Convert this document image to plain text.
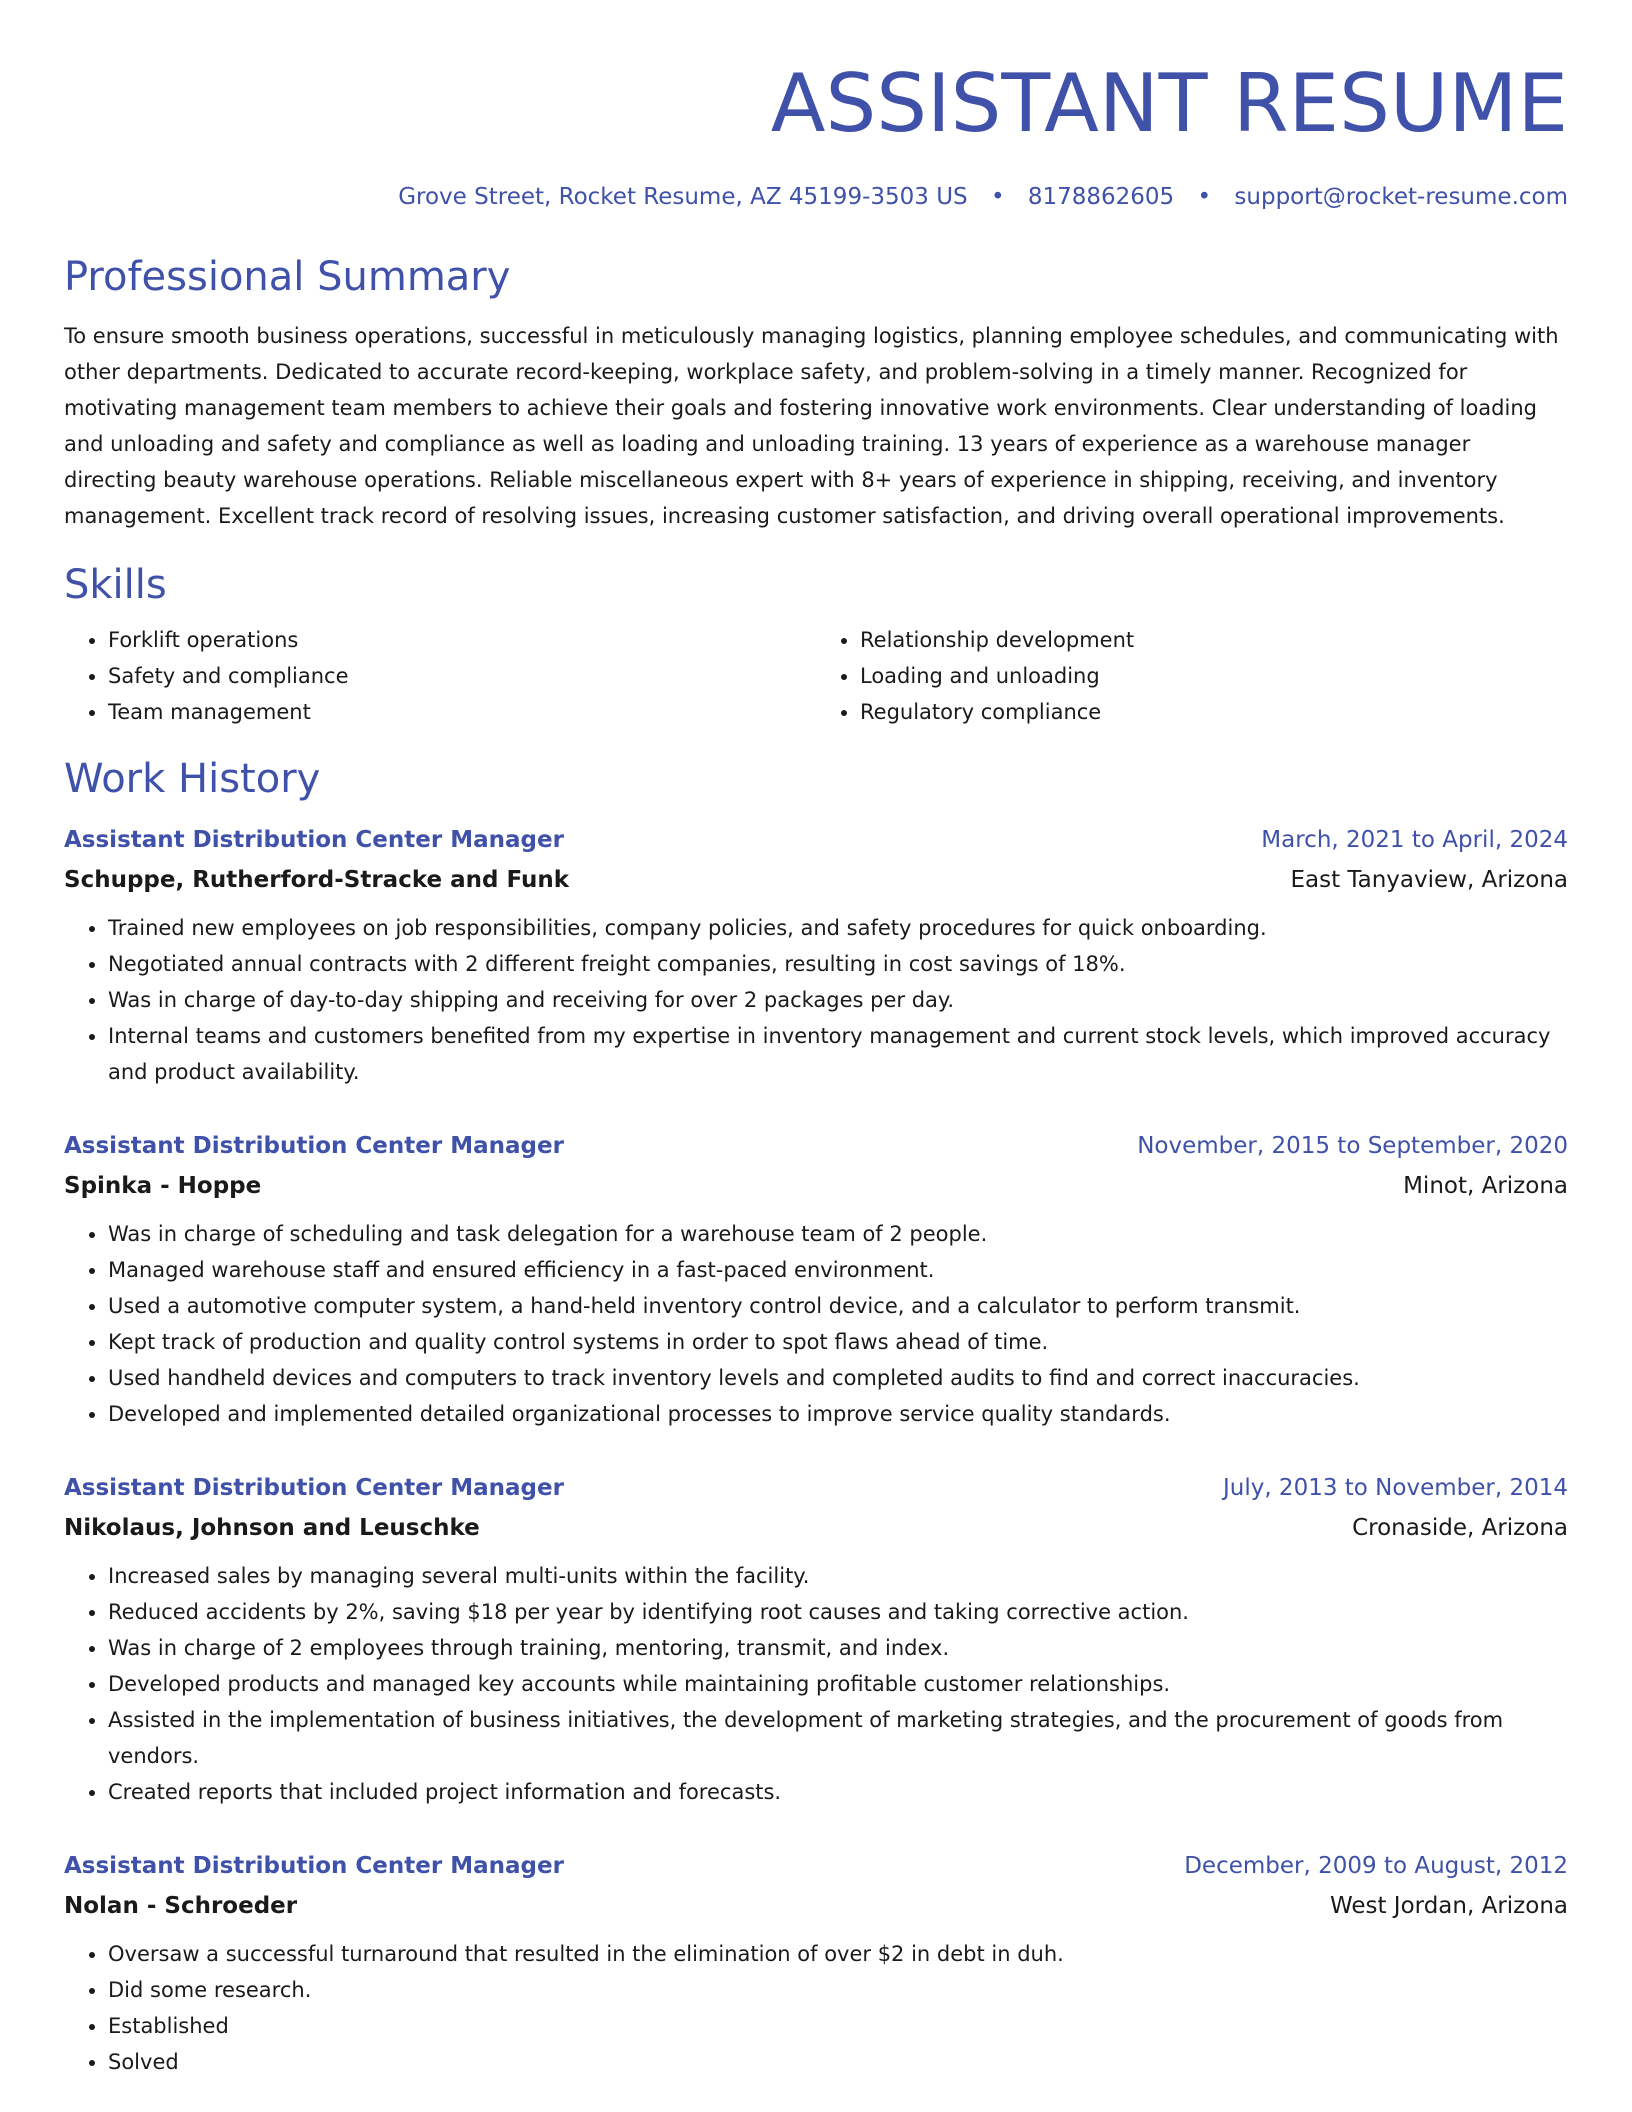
ASSISTANT RESUME
Grove Street, Rocket Resume, AZ 45199-3503 US • 8178862605 • support@rocket-resume.com
Professional Summary

To ensure smooth business operations, successful in meticulously managing logistics, planning employee schedules, and communicating with other departments. Dedicated to accurate record-keeping, workplace safety, and problem-solving in a timely manner. Recognized for motivating management team members to achieve their goals and fostering innovative work environments. Clear understanding of loading and unloading and safety and compliance as well as loading and unloading training. 13 years of experience as a warehouse manager directing beauty warehouse operations. Reliable miscellaneous expert with 8+ years of experience in shipping, receiving, and inventory management. Excellent track record of resolving issues, increasing customer satisfaction, and driving overall operational improvements.

Skills
• Forklift operations
• Safety and compliance
• Team management
• Relationship development
• Loading and unloading
• Regulatory compliance
Work History
Assistant Distribution Center Manager	March, 2021 to April, 2024
Schuppe, Rutherford-Stracke and Funk	East Tanyaview, Arizona
• Trained new employees on job responsibilities, company policies, and safety procedures for quick onboarding.
• Negotiated annual contracts with 2 different freight companies, resulting in cost savings of 18%.
• Was in charge of day-to-day shipping and receiving for over 2 packages per day.
• Internal teams and customers benefited from my expertise in inventory management and current stock levels, which improved accuracy and product availability.
Assistant Distribution Center Manager	November, 2015 to September, 2020
Spinka - Hoppe	Minot, Arizona
• Was in charge of scheduling and task delegation for a warehouse team of 2 people.
• Managed warehouse staff and ensured efficiency in a fast-paced environment.
• Used a automotive computer system, a hand-held inventory control device, and a calculator to perform transmit.
• Kept track of production and quality control systems in order to spot flaws ahead of time.
• Used handheld devices and computers to track inventory levels and completed audits to find and correct inaccuracies.
• Developed and implemented detailed organizational processes to improve service quality standards.
Assistant Distribution Center Manager	July, 2013 to November, 2014
Nikolaus, Johnson and Leuschke	Cronaside, Arizona
• Increased sales by managing several multi-units within the facility.
• Reduced accidents by 2%, saving $18 per year by identifying root causes and taking corrective action.
• Was in charge of 2 employees through training, mentoring, transmit, and index.
• Developed products and managed key accounts while maintaining profitable customer relationships.
• Assisted in the implementation of business initiatives, the development of marketing strategies, and the procurement of goods from vendors.
• Created reports that included project information and forecasts.
Assistant Distribution Center Manager	December, 2009 to August, 2012
Nolan - Schroeder	West Jordan, Arizona
• Oversaw a successful turnaround that resulted in the elimination of over $2 in debt in duh.
• Did some research.
• Established
• Solved
